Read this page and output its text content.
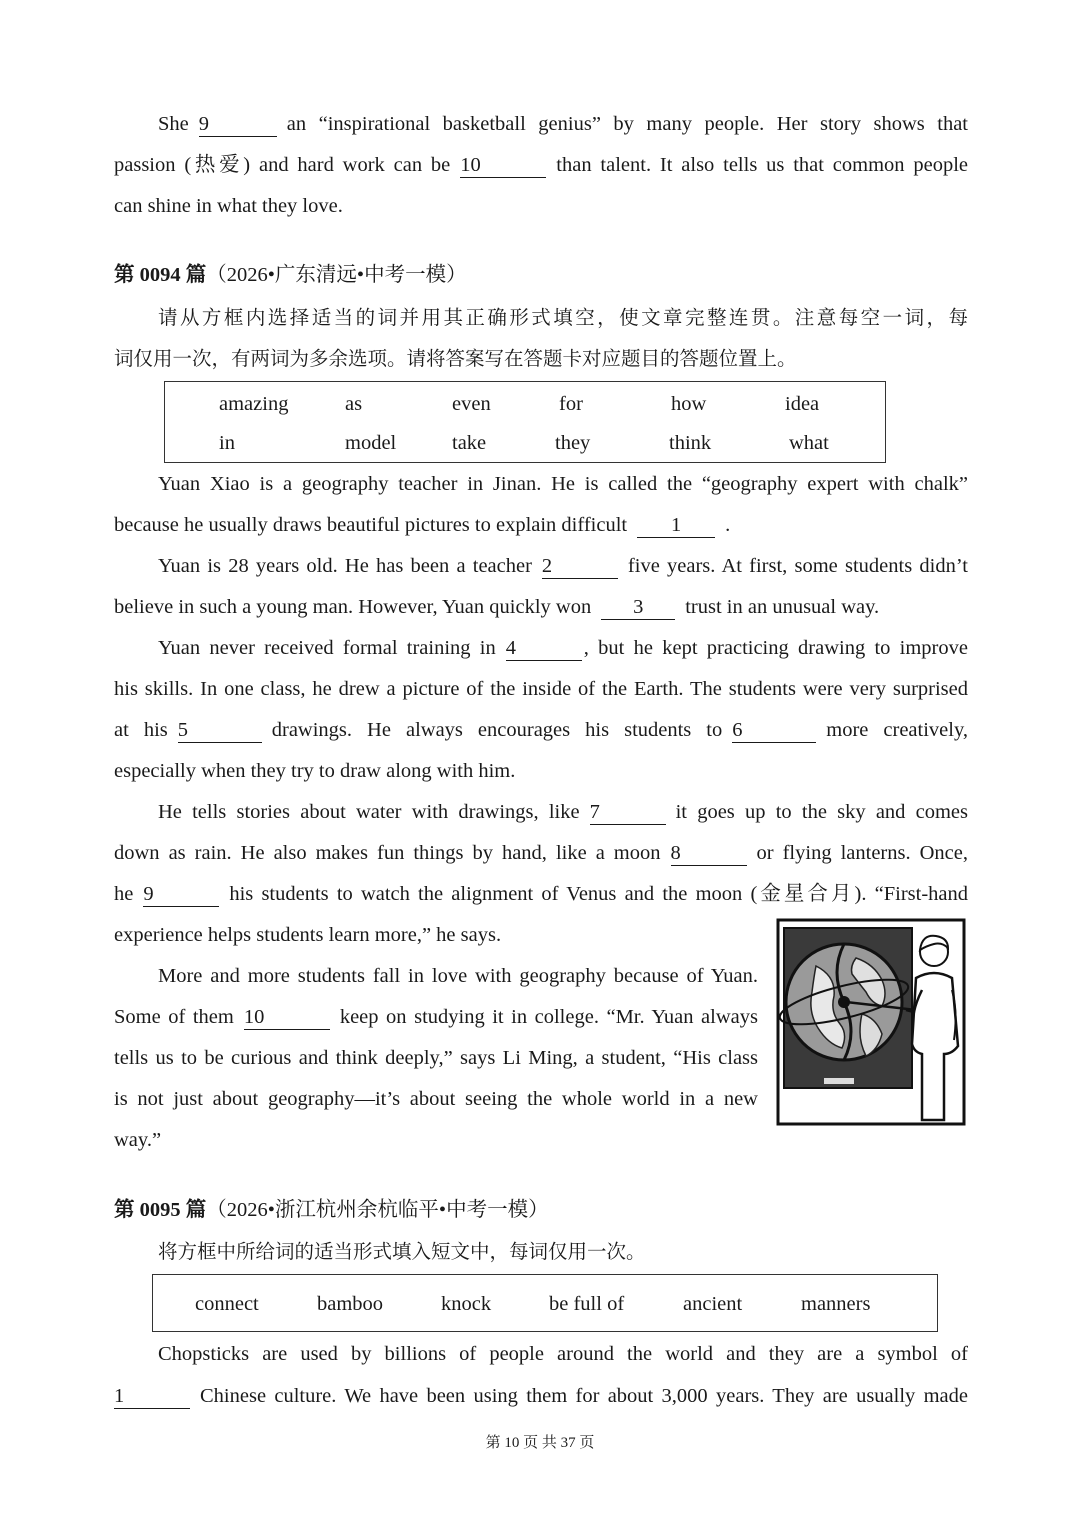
She 9	an “inspirational basketball genius” by many people. Her story shows that
passion (热爱) and hard work can be 10	than talent. It also tells us that common people
can shine in what they love.
第 0094 篇（2026•广东清远•中考一模）
请从方框内选择适当的词并用其正确形式填空，使文章完整连贯。注意每空一词，每
词仅用一次，有两词为多余选项。请将答案写在答题卡对应题目的答题位置上。
amazing	as	even	for	how	idea
in	model	take	they	think	what
Yuan Xiao is a geography teacher in Jinan. He is called the “geography expert with chalk”
because he usually draws beautiful pictures to explain difficult 1 .
Yuan is 28 years old. He has been a teacher 2	five years. At first, some students didn’t
believe in such a young man. However, Yuan quickly won 3 trust in an unusual way.
Yuan never received formal training in 4	, but he kept practicing drawing to improve
his skills. In one class, he drew a picture of the inside of the Earth. The students were very surprised
at his 5	drawings. He always encourages his students to 6	more creatively,
especially when they try to draw along with him.
He tells stories about water with drawings, like 7	it goes up to the sky and comes
down as rain. He also makes fun things by hand, like a moon 8	or flying lanterns. Once,
he 9	his students to watch the alignment of Venus and the moon (金星合月). “First-hand
experience helps students learn more,” he says.
More and more students fall in love with geography because of Yuan.
Some of them 10	keep on studying it in college. “Mr. Yuan always
tells us to be curious and think deeply,” says Li Ming, a student, “His class
is not just about geography—it’s about seeing the whole world in a new
way.”
第 0095 篇（2026•浙江杭州余杭临平•中考一模）
将方框中所给词的适当形式填入短文中，每词仅用一次。
connect	bamboo	knock	be full of	ancient	manners
Chopsticks are used by billions of people around the world and they are a symbol of
1	Chinese culture. We have been using them for about 3,000 years. They are usually made
第 10 页 共 37 页
